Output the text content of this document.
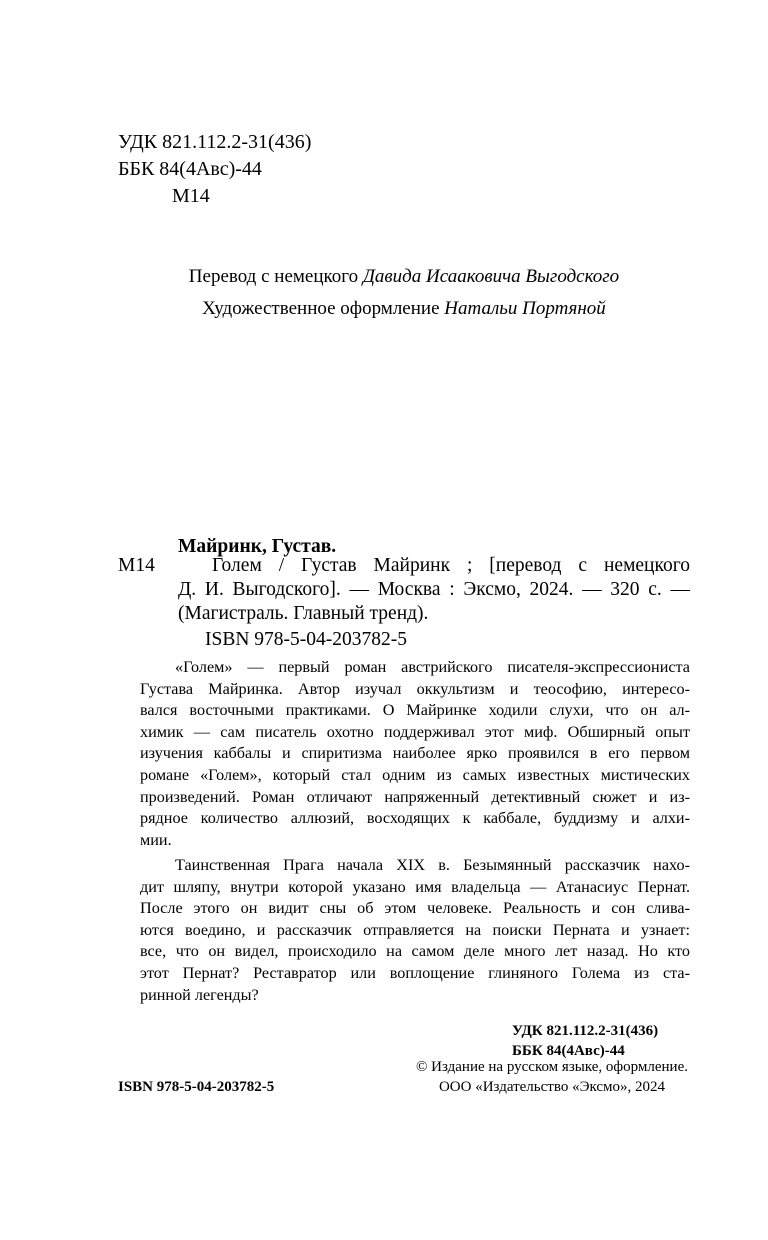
УДК 821.112.2-31(436)
ББК 84(4Авс)-44
М14
Перевод с немецкого Давида Исааковича Выгодского
Художественное оформление Натальи Портяной
Майринк, Густав.
М14	Голем / Густав Майринк ; [перевод с немецкого
Д. И. Выгодского]. — Москва : Эксмо, 2024. — 320 с. —
(Магистраль. Главный тренд).
ISBN 978-5-04-203782-5
«Голем» — первый роман австрийского писателя-экспрессиониста
Густава Майринка. Автор изучал оккультизм и теософию, интересо-
вался восточными практиками. О Майринке ходили слухи, что он ал-
химик — сам писатель охотно поддерживал этот миф. Обширный опыт
изучения каббалы и спиритизма наиболее ярко проявился в его первом
романе «Голем», который стал одним из самых известных мистических
произведений. Роман отличают напряженный детективный сюжет и из-
рядное количество аллюзий, восходящих к каббале, буддизму и алхи-
мии.
Таинственная Прага начала XIX в. Безымянный рассказчик нахо-
дит шляпу, внутри которой указано имя владельца — Атанасиус Пернат.
После этого он видит сны об этом человеке. Реальность и сон слива-
ются воедино, и рассказчик отправляется на поиски Перната и узнает:
все, что он видел, происходило на самом деле много лет назад. Но кто
этот Пернат? Реставратор или воплощение глиняного Голема из ста-
ринной легенды?
УДК 821.112.2-31(436)
ББК 84(4Авс)-44
ISBN 978-5-04-203782-5
© Издание на русском языке, оформление.
ООО «Издательство «Эксмо», 2024
